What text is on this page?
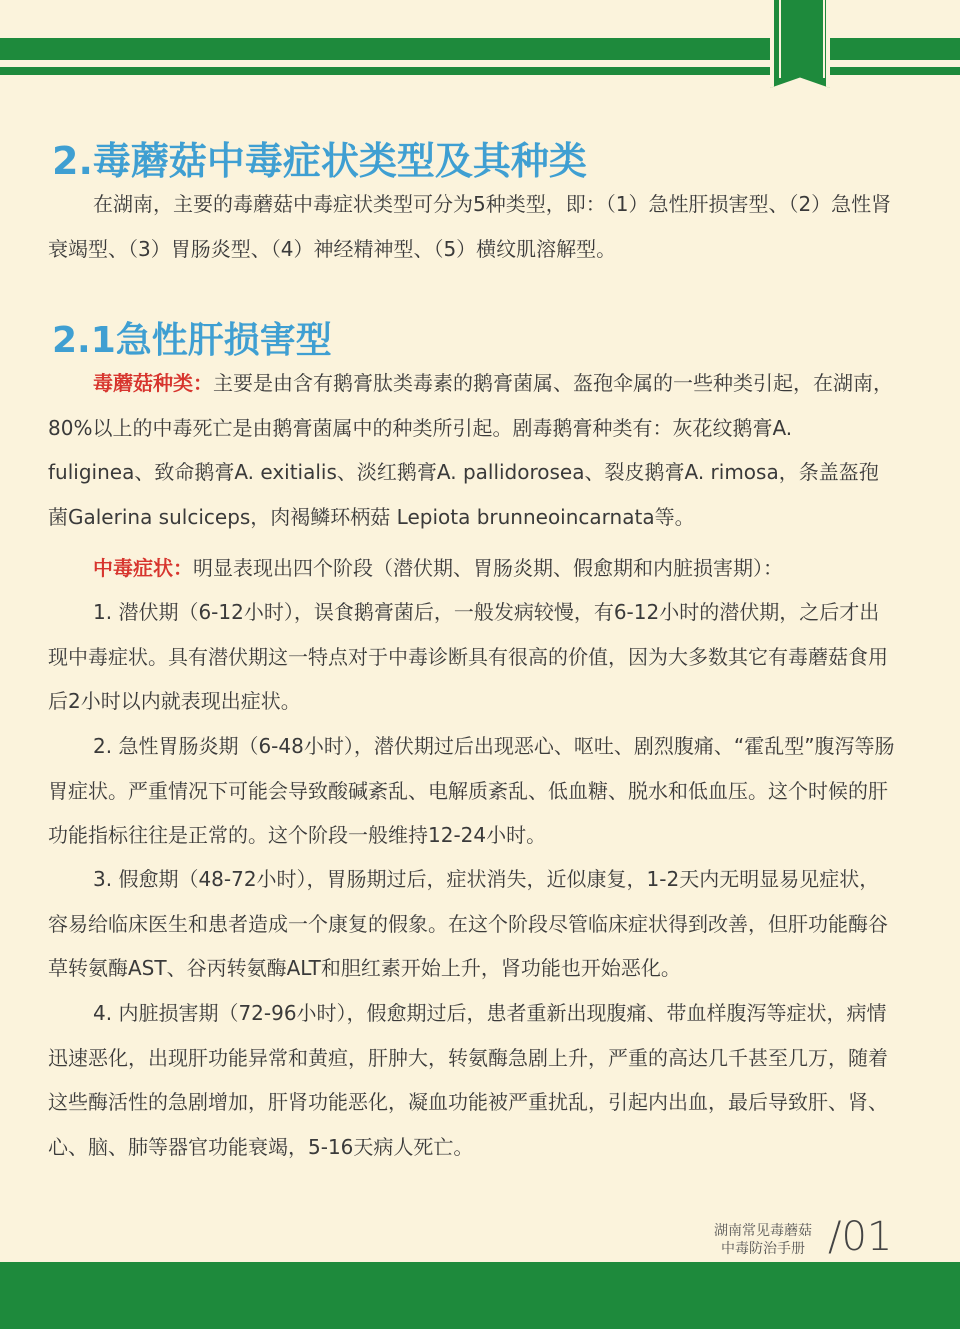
2.毒蘑菇中毒症状类型及其种类

在湖南，主要的毒蘑菇中毒症状类型可分为5种类型，即：（1）急性肝损害型、（2）急性肾衰竭型、（3）胃肠炎型、（4）神经精神型、（5）横纹肌溶解型。

2.1急性肝损害型

毒蘑菇种类：主要是由含有鹅膏肽类毒素的鹅膏菌属、盔孢伞属的一些种类引起，在湖南，80%以上的中毒死亡是由鹅膏菌属中的种类所引起。剧毒鹅膏种类有：灰花纹鹅膏A. fuliginea、致命鹅膏A. exitialis、淡红鹅膏A. pallidorosea、裂皮鹅膏A. rimosa，条盖盔孢菌Galerina sulciceps，肉褐鳞环柄菇 Lepiota brunneoincarnata等。

中毒症状：明显表现出四个阶段（潜伏期、胃肠炎期、假愈期和内脏损害期）：

1. 潜伏期（6-12小时），误食鹅膏菌后，一般发病较慢，有6-12小时的潜伏期，之后才出现中毒症状。具有潜伏期这一特点对于中毒诊断具有很高的价值，因为大多数其它有毒蘑菇食用后2小时以内就表现出症状。

2. 急性胃肠炎期（6-48小时），潜伏期过后出现恶心、呕吐、剧烈腹痛、“霍乱型”腹泻等肠胃症状。严重情况下可能会导致酸碱紊乱、电解质紊乱、低血糖、脱水和低血压。这个时候的肝功能指标往往是正常的。这个阶段一般维持12-24小时。

3. 假愈期（48-72小时），胃肠期过后，症状消失，近似康复，1-2天内无明显易见症状，容易给临床医生和患者造成一个康复的假象。在这个阶段尽管临床症状得到改善，但肝功能酶谷草转氨酶AST、谷丙转氨酶ALT和胆红素开始上升，肾功能也开始恶化。

4. 内脏损害期（72-96小时），假愈期过后，患者重新出现腹痛、带血样腹泻等症状，病情迅速恶化，出现肝功能异常和黄疸，肝肿大，转氨酶急剧上升，严重的高达几千甚至几万，随着这些酶活性的急剧增加，肝肾功能恶化，凝血功能被严重扰乱，引起内出血，最后导致肝、肾、心、脑、肺等器官功能衰竭，5-16天病人死亡。

湖南常见毒蘑菇
中毒防治手册 /01
